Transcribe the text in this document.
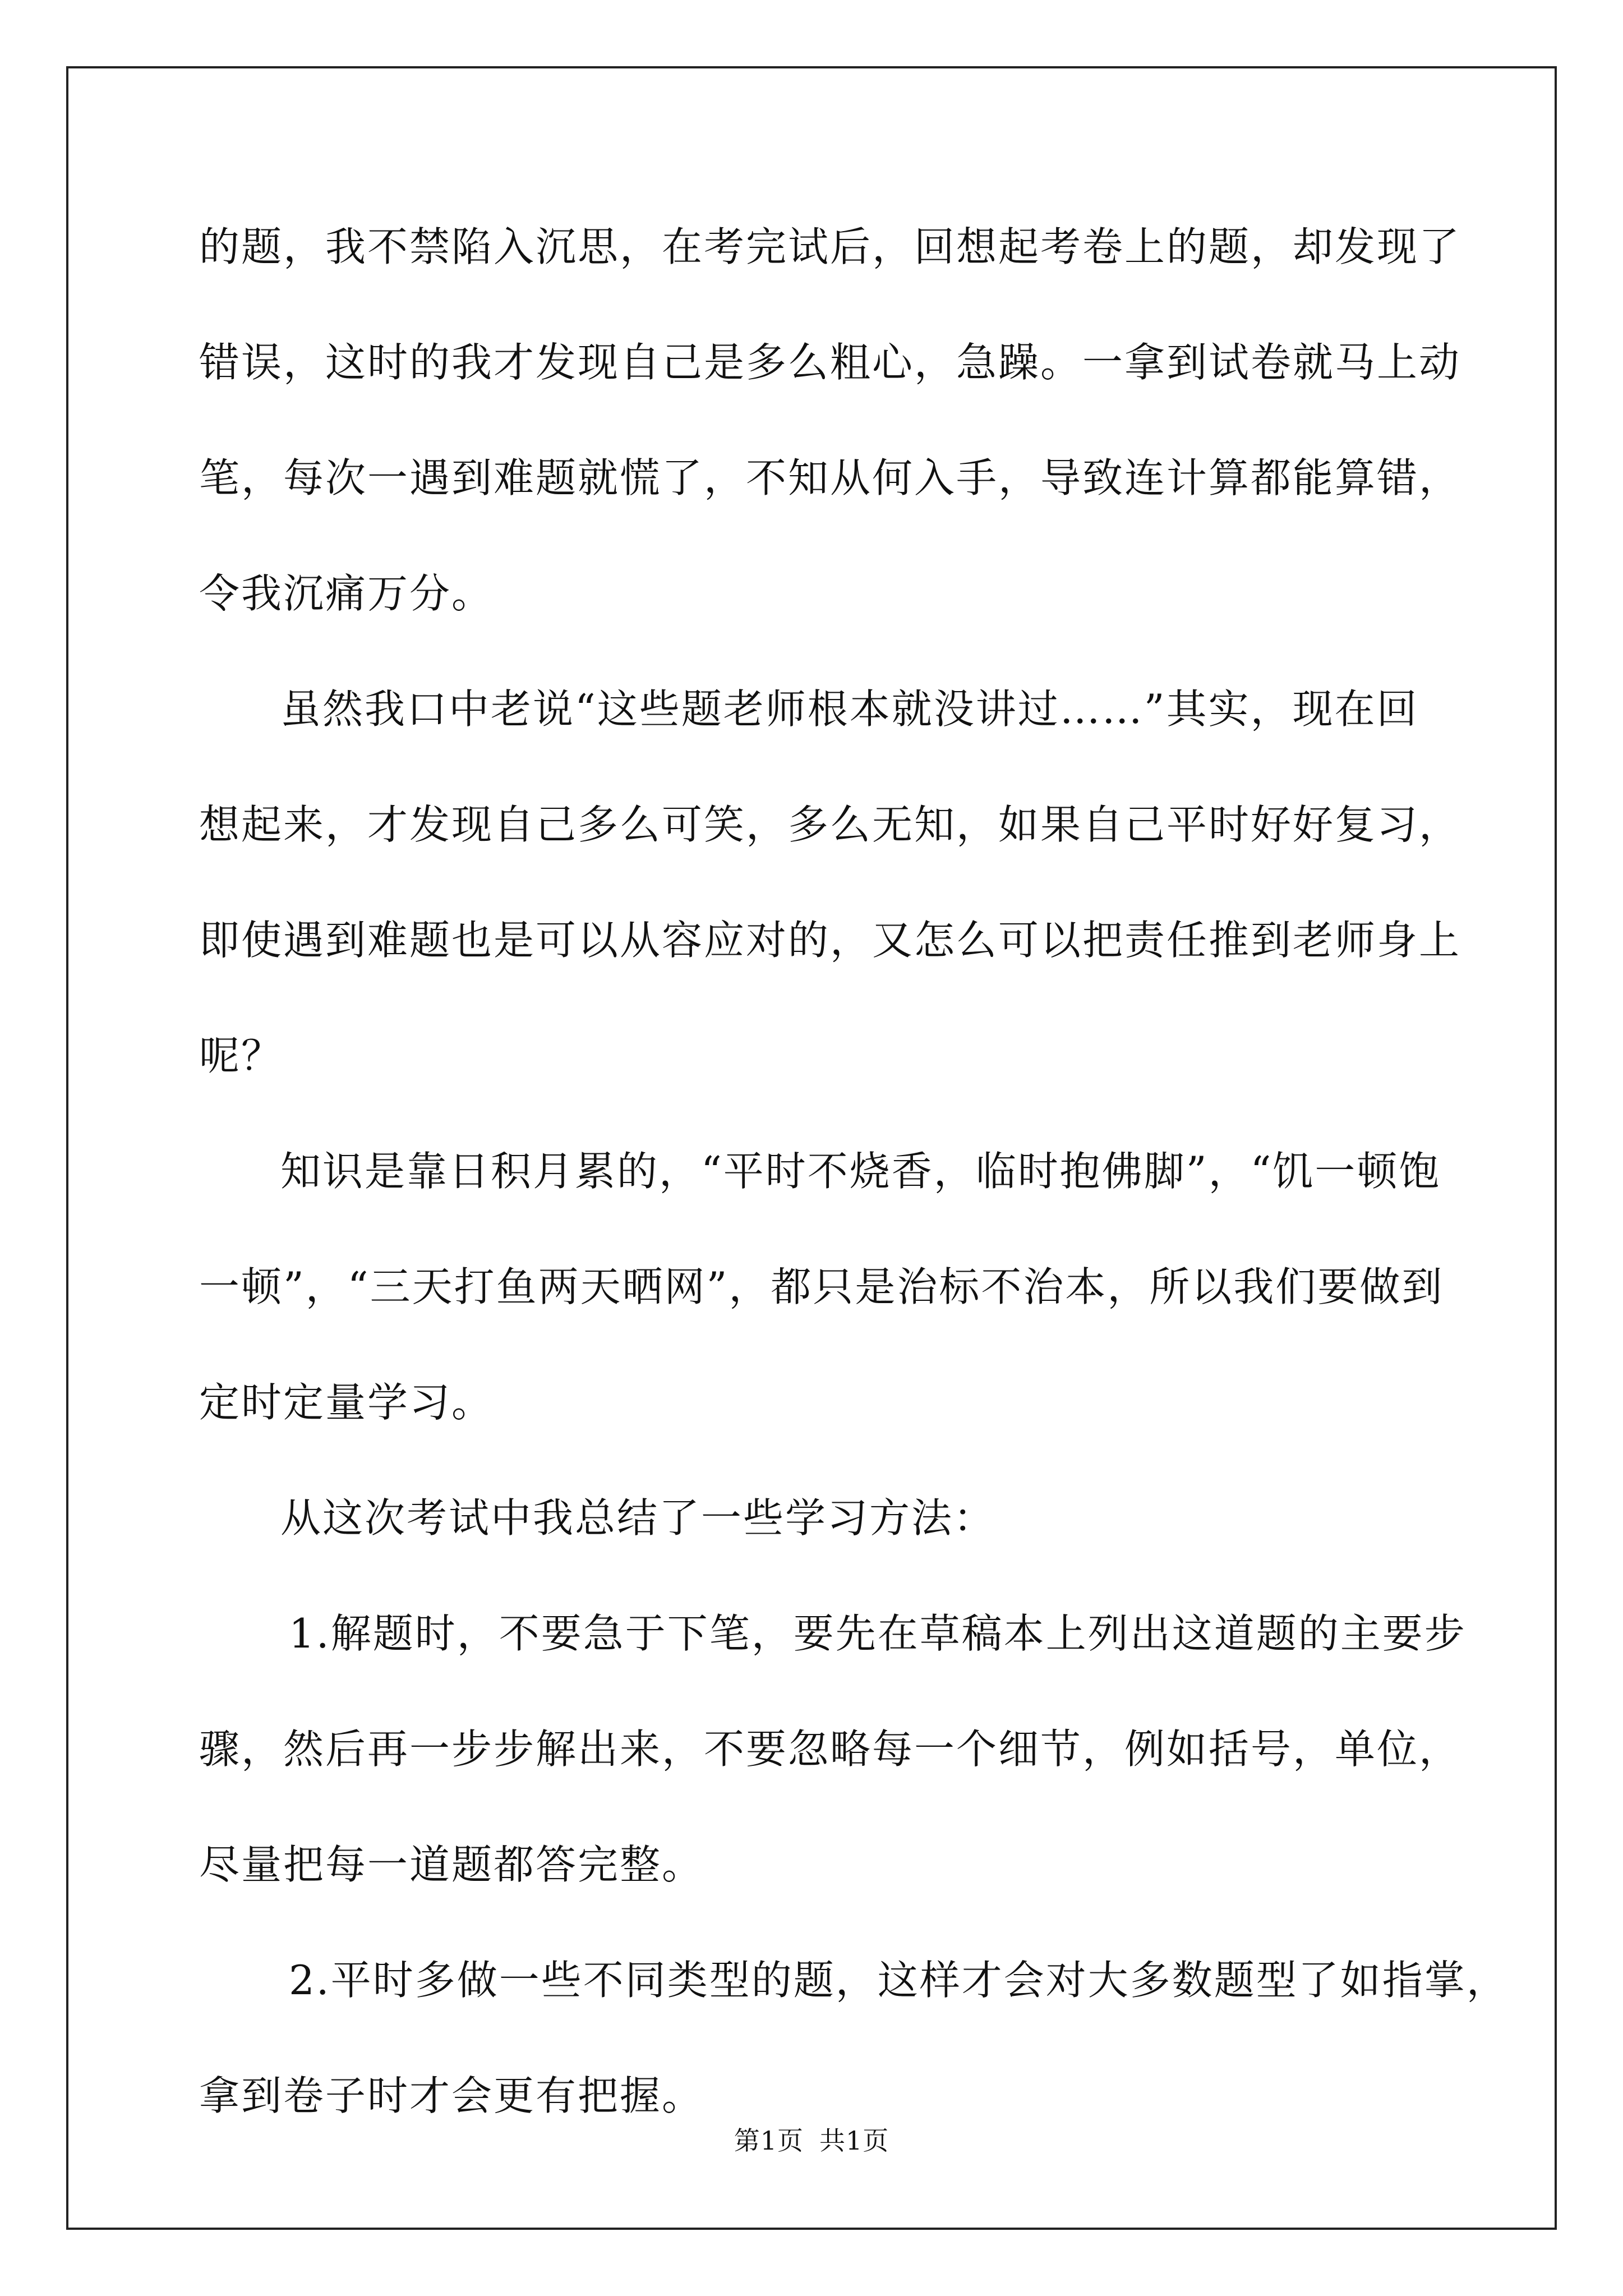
的题，我不禁陷入沉思，在考完试后，回想起考卷上的题，却发现了
错误，这时的我才发现自己是多么粗心，急躁。一拿到试卷就马上动
笔，每次一遇到难题就慌了，不知从何入手，导致连计算都能算错，
令我沉痛万分。
虽然我口中老说“这些题老师根本就没讲过……”其实，现在回
想起来，才发现自己多么可笑，多么无知，如果自己平时好好复习，
即使遇到难题也是可以从容应对的，又怎么可以把责任推到老师身上
呢？
知识是靠日积月累的，“平时不烧香，临时抱佛脚”，“饥一顿饱
一顿”，“三天打鱼两天晒网”，都只是治标不治本，所以我们要做到
定时定量学习。
从这次考试中我总结了一些学习方法：
1.解题时，不要急于下笔，要先在草稿本上列出这道题的主要步
骤，然后再一步步解出来，不要忽略每一个细节，例如括号，单位，
尽量把每一道题都答完整。
2.平时多做一些不同类型的题，这样才会对大多数题型了如指掌，
拿到卷子时才会更有把握。
第1页 共1页
